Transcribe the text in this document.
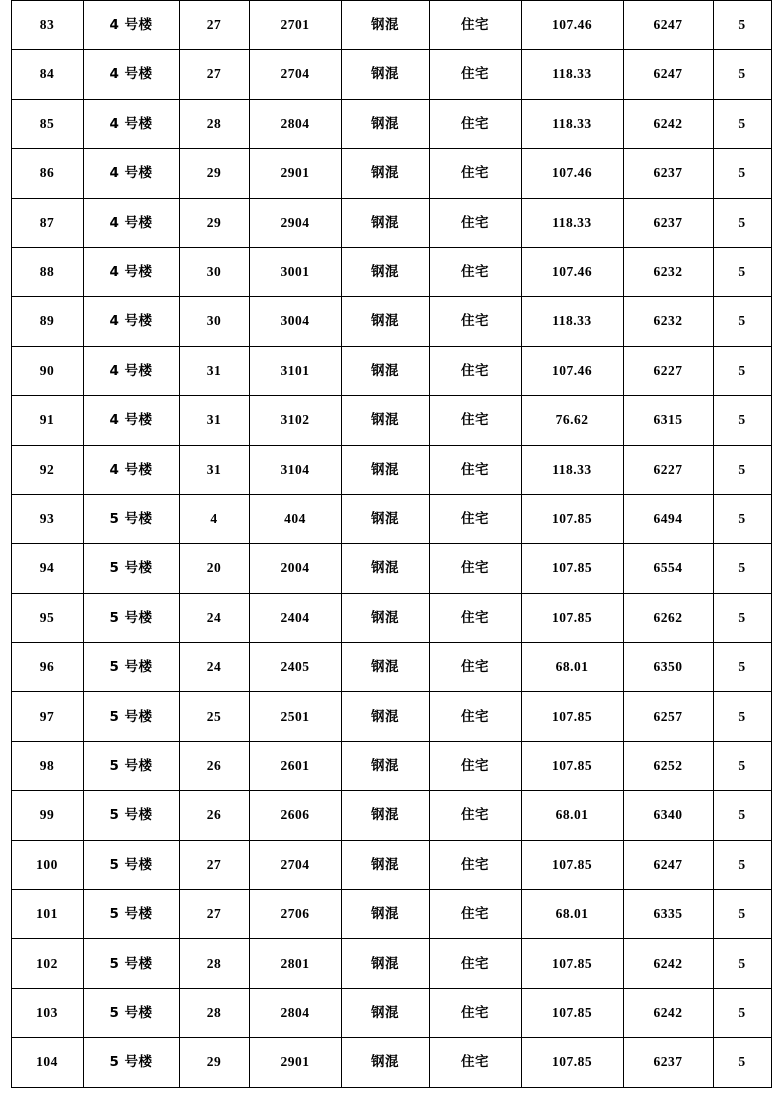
83	4 号楼	27	2701	钢混	住宅	107.46	6247	5
84	4 号楼	27	2704	钢混	住宅	118.33	6247	5
85	4 号楼	28	2804	钢混	住宅	118.33	6242	5
86	4 号楼	29	2901	钢混	住宅	107.46	6237	5
87	4 号楼	29	2904	钢混	住宅	118.33	6237	5
88	4 号楼	30	3001	钢混	住宅	107.46	6232	5
89	4 号楼	30	3004	钢混	住宅	118.33	6232	5
90	4 号楼	31	3101	钢混	住宅	107.46	6227	5
91	4 号楼	31	3102	钢混	住宅	76.62	6315	5
92	4 号楼	31	3104	钢混	住宅	118.33	6227	5
93	5 号楼	4	404	钢混	住宅	107.85	6494	5
94	5 号楼	20	2004	钢混	住宅	107.85	6554	5
95	5 号楼	24	2404	钢混	住宅	107.85	6262	5
96	5 号楼	24	2405	钢混	住宅	68.01	6350	5
97	5 号楼	25	2501	钢混	住宅	107.85	6257	5
98	5 号楼	26	2601	钢混	住宅	107.85	6252	5
99	5 号楼	26	2606	钢混	住宅	68.01	6340	5
100	5 号楼	27	2704	钢混	住宅	107.85	6247	5
101	5 号楼	27	2706	钢混	住宅	68.01	6335	5
102	5 号楼	28	2801	钢混	住宅	107.85	6242	5
103	5 号楼	28	2804	钢混	住宅	107.85	6242	5
104	5 号楼	29	2901	钢混	住宅	107.85	6237	5
